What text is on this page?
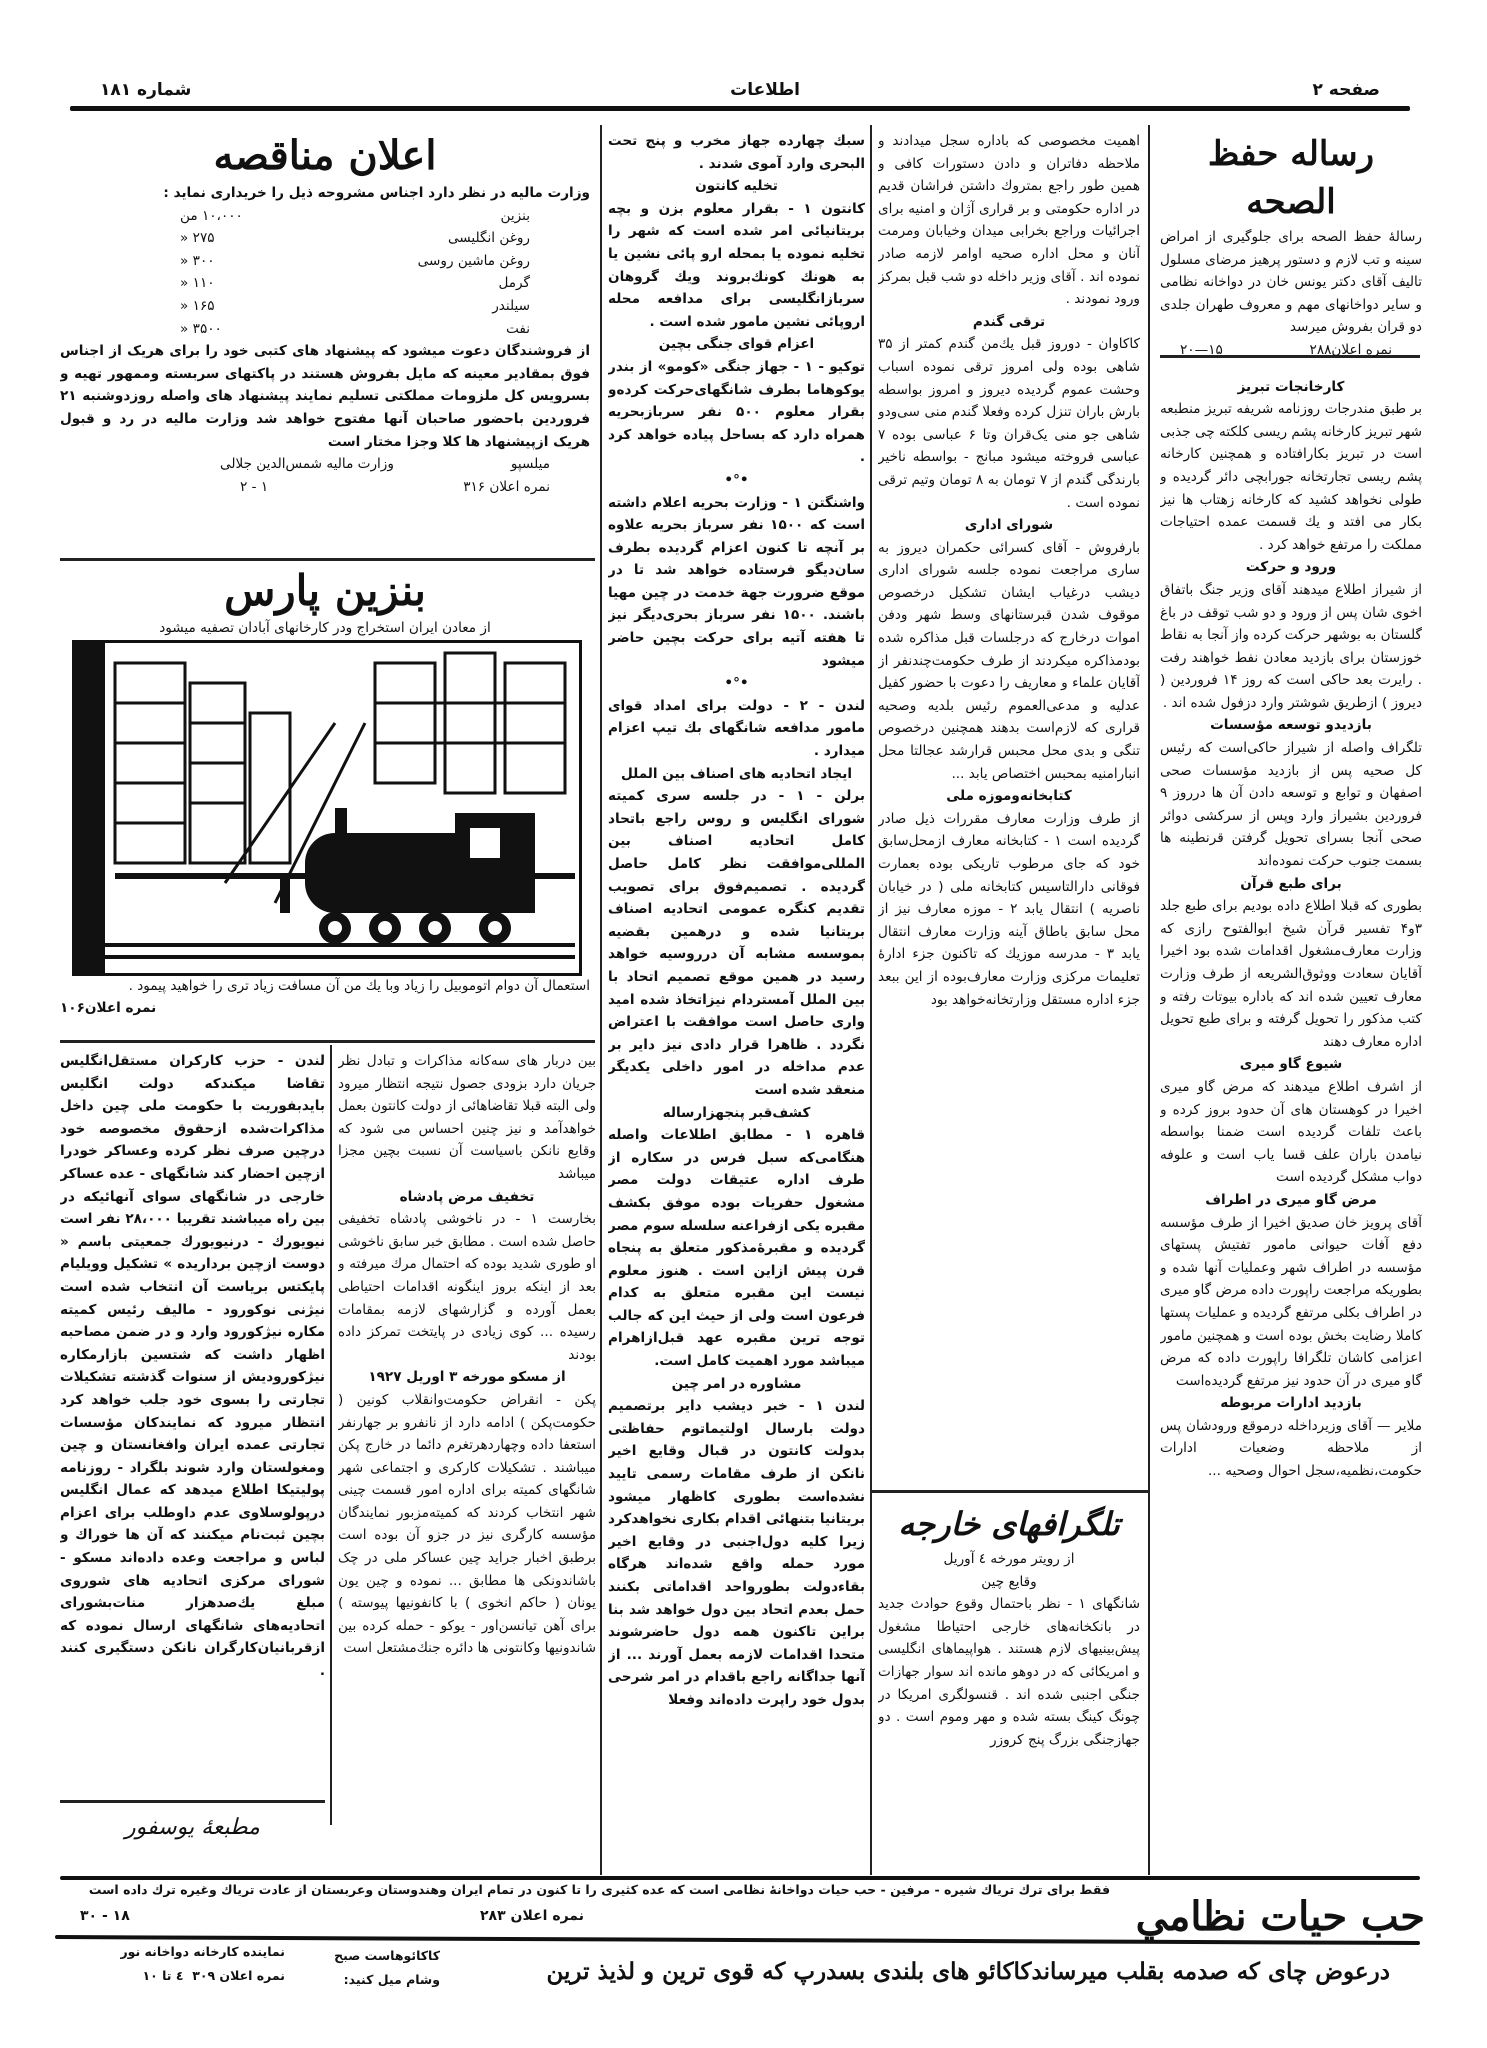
صفحه ۲
اطلاعات
شماره ۱۸۱
اعلان مناقصه

وزارت مالیه در نظر دارد اجناس مشروحه ذیل را خریداری نماید :

بنزین
۱۰،۰۰۰ من
روغن انگلیسی
۲۷۵ «
روغن ماشین روسی
۳۰۰ «
گرمل
۱۱۰ «
سیلندر
۱۶۵ «
نفت
۳۵۰۰ «

از فروشندگان دعوت میشود که پیشنهاد های کتبی خود را برای هریک از اجناس فوق بمقادیر معینه که مایل بفروش هستند در پاکتهای سربسته وممهور تهیه و بسرویس کل ملزومات مملکتی تسلیم نمایند پیشنهاد های واصله روزدوشنبه ۲۱ فروردین باحضور صاحبان آنها مفتوح خواهد شد وزارت مالیه در رد و قبول هریک ازپیشنهاد ها کلا وجزا مختار است

میلسپو
وزارت مالیه شمس‌الدین جلالی
نمره اعلان ۳۱۶
۱ - ۲
بنزین پارس

از معادن ایران استخراج ودر کارخانهای آبادان تصفیه میشود

استعمال آن دوام اتوموبیل را زیاد وبا یك من آن مسافت زیاد تری را خواهید پیمود .

نمره اعلان۱۰۶

لندن - حزب کارکران مستقل‌انگلیس تقاضا میکندکه دولت انگلیس بایدبفوریت با حکومت ملی چین داخل مذاکرات‌شده ازحقوق مخصوصه خود درچین صرف نظر کرده وعساکر خودرا ازچین احضار کند شانگهای - عده عساکر خارجی در شانگهای سوای آنهائیکه در بین راه میباشند تقریبا ۲۸،۰۰۰ نفر است نیویورك - درنیویورك جمعیتی باسم « دوست ازچین برداریده » تشکیل وویلیام پایکتس بریاست آن انتخاب شده است نیژنی نوکورود - مالیف رئیس کمیته مکاره نیژکورود وارد و در ضمن مصاحبه اظهار داشت که شتسین بازارمکاره نیژکورودیش از سنوات گذشته تشکیلات تجارتی را بسوی خود جلب خواهد کرد انتظار میرود که نمایندکان مؤسسات تجارتی عمده ایران وافغانستان و چین ومغولستان وارد شوند بلگراد - روزنامه پولیتیکا اطلاع میدهد که عمال انگلیس درپولوسلاوی عدم داوطلب برای اعزام بچین ثبت‌نام میکنند که آن ها خوراك و لباس و مراجعت وعده داده‌اند مسکو - شورای مرکزی اتحادیه های شوروی مبلغ‌ یك‌صدهزار منات‌بشورای اتحادیه‌های شانگهای ارسال نموده که ازقربانیان‌کارگران نانکن دستگیری کنند .

مطبعهٔ یوسفور

بین دربار های سه‌کانه مذاکرات و تبادل نظر جریان دارد بزودی جصول نتیجه انتظار میرود ولی البته قبلا تقاضاهائی از دولت کانتون بعمل خواهدآمد و نیز چنین احساس می شود که وقایع نانکن باسیاست آن نسبت بچین مجزا میباشد

تخفیف مرض پادشاه

بخارست ۱ - در ناخوشی پادشاه تخفیفی حاصل شده است . مطابق خبر سابق ناخوشی او طوری شدید بوده که احتمال مرك میرفته و بعد از اینکه بروز اینگونه اقدامات احتیاطی بعمل آورده و گزارشهای لازمه بمقامات رسیده ... کوی زیادی در پایتخت تمرکز داده بودند

از مسکو مورخه ۳ اوریل ۱۹۲۷

پکن - انقراض حکومت‌وانقلاب کونین ( حکومت‌پکن ) ادامه دارد از نانفرو بر جهارنفر استعفا داده وچهاردهرتغرم دائما در خارج پکن میباشند . تشکیلات کارکری و اجتماعی شهر شانگهای کمیته برای اداره امور قسمت چینی شهر انتخاب کردند که کمیته‌مزبور نمایندگان مؤسسه کارگری نیز در جزو آن بوده است برطبق اخبار جراید چین عساکر ملی در چک باشاندونکی ها مطابق ... نموده و چین یون یونان ( حاکم انخوی ) با کانفونیها پیوسته ) برای آهن تیانسن‌اور - یوکو - حمله کرده بین شاندونیها وکانتونی ها دائره جنك‌مشتعل است

سبك چهارده جهاز مخرب و پنج تحت البحری وارد آموی شدند .

تخلیه کانتون

کانتون ۱ - بقرار معلوم بزن و بچه بریتانیائی امر شده است که شهر را تخلیه نموده یا بمحله ارو پائی نشین یا به هونك كونك‌بروند ویك گروهان سربازانگلیسی برای مدافعه محله اروپائی نشین مامور شده است .

اعزام قوای جنگی بچین

توکیو - ۱ - جهاز جنگی «کومو» از بندر یوکوهاما بطرف شانگهای‌حرکت کرده‌و بقرار معلوم ۵۰۰ نفر سرباز‌بحریه همراه دارد که بساحل پیاده خواهد کرد .

•°•

واشنگتن ۱ - وزارت بحریه اعلام داشته است که ۱۵۰۰ نفر سرباز بحریه علاوه بر آنچه تا کنون اعزام گردیده بطرف سان‌دیگو فرستاده خواهد شد تا در موقع ضرورت جهة خدمت در چین مهیا باشند. ۱۵۰۰ نفر سرباز بحری‌دیگر نیز تا هفته آتیه برای حرکت بچین حاضر میشود

•°•

لندن - ۲ - دولت برای امداد قوای مامور مدافعه شانگهای بك تیپ اعزام میدارد .

ایجاد اتحادیه های اصناف بین الملل

برلن - ۱ - در جلسه سری کمیته شورای انگلیس و روس راجع باتحاد کامل اتحادیه اصناف بین المللی‌موافقت نظر کامل حاصل گردیده . تصمیم‌فوق برای تصویب تقدیم کنگره عمومی اتحادیه اصناف بریتانیا شده و درهمین بقضیه بموسسه مشابه آن درروسیه خواهد رسید در همین موقع تصمیم اتحاد با بین الملل آمستردام نیزاتخاذ شده امید واری حاصل است موافقت با اعتراض نگردد . ظاهرا قرار دادی نیز دایر بر عدم مداخله در امور داخلی یکدیگر منعقد شده است

کشف‌قبر پنجهزارساله

قاهره ۱ - مطابق اطلاعات واصله هنگامی‌که سبل فرس در سکاره از طرف اداره عتیقات دولت مصر مشغول حفریات بوده موفق بکشف مقبره یکی ازفراعنه سلسله سوم مصر گردیده و مقبرهٔ‌مذکور متعلق به پنجاه قرن پیش ازاین است . هنوز معلوم نیست این مقبره متعلق به کدام فرعون است ولی از حیث این که جالب توجه ترین مقبره عهد قبل‌ازاهرام میباشد مورد اهمیت کامل است.

مشاوره در امر چین

لندن ۱ - خبر دیشب دایر برتصمیم دولت بارسال اولتیماتوم حفاظتی بدولت کانتون در قبال وقایع اخیر نانکن از طرف مقامات رسمی تایید نشده‌است بطوری کاظهار میشود بریتانیا بتنهائی اقدام بکاری نخواهدکرد زیرا کلیه دول‌اجنبی در وقایع اخیر مورد حمله واقع شده‌اند هرگاه بقاءدولت بطورواحد اقداماتی بکنند حمل بعدم اتحاد بین دول خواهد شد بنا براین تاکنون همه دول حاضرشوند متحدا اقدامات لازمه بعمل آورند ... از آنها جداگانه راجع باقدام در امر شرحی بدول خود راپرت داده‌اند وفعلا

اهمیت مخصوصی که باداره سجل میدادند و ملاحظه دفاتران و دادن دستورات کافی و همین طور راجع بمتروك داشتن فراشان قدیم در اداره حکومتی و بر قراری آژان و امنیه برای اجرائیات وراجع بخرابی میدان وخیابان ومرمت آنان و محل اداره صحیه اوامر لازمه صادر نموده اند . آقای وزیر داخله دو شب قبل بمرکز ورود نمودند .

ترقی گندم

کاکاوان - دوروز قبل یك‌من گندم کمتر از ۳۵ شاهی بوده ولی امروز ترقی نموده اسباب وحشت عموم گردیده دیروز و امروز بواسطه بارش باران تنزل کرده وفعلا گندم منی سی‌ودو شاهی جو منی یک‌قران وتا ۶ عباسی بوده ۷ عباسی فروخته میشود مبانج - بواسطه ناخیر بارندگی گندم از ۷ تومان به ۸ تومان وتیم ترقی نموده است .

شورای اداری

بارفروش - آقای کسرائی حکمران دیروز به ساری مراجعت نموده جلسه شورای اداری دیشب درغیاب ایشان تشکیل درخصوص موقوف شدن قبرستانهای وسط شهر ودفن اموات درخارج که درجلسات قبل مذاکره شده بودمذاکره میکردند از طرف حکومت‌چندنفر از آقایان علماء و معاریف را دعوت با حضور کفیل عدلیه و مدعی‌العموم رئیس بلدیه وصحیه قراری که لازم‌است بدهند همچنین درخصوص تنگی و بدی محل محبس قرارشد عجالتا محل انبارامنیه بمحبس اختصاص یابد ...

کتابخانه‌وموزه ملی

از طرف وزارت معارف مقررات ذیل صادر گردیده است ۱ - کتابخانه معارف ازمحل‌سابق خود که جای مرطوب تاریکی بوده بعمارت فوقانی دارالتاسیس کتابخانه ملی ( در خیابان ناصریه ) انتقال یابد ۲ - موزه معارف نیز از محل سابق باطاق آینه وزارت معارف انتقال یابد ۳ - مدرسه موزیك که تاکنون جزء ادارهٔ تعلیمات مرکزی وزارت معارف‌بوده از این ببعد جزء اداره مستقل وزارتخانه‌خواهد بود

تلگرافهای خارجه

از رویتر مورخه ٤ آوریل

وقایع چین

شانگهای ۱ - نظر باحتمال وقوع حوادث جدید در بانکخانه‌های خارجی احتیاطا مشغول پیش‌بینیهای لازم هستند . هواپیماهای انگلیسی و امریکائی که در دوهو مانده اند سوار جهازات جنگی اجنبی شده اند . قنسولگری امریکا در چونگ کینگ بسته شده و مهر وموم است . دو جهازجنگی بزرگ پنج کروزر

رساله حفظ الصحه

رسالهٔ حفظ الصحه برای جلوگیری از امراض سینه و تب لازم و دستور پرهیز مرضای مسلول تالیف آقای دکتر یونس خان در دواخانه نظامی و سایر دواخانهای مهم و معروف طهران جلدی دو قران بفروش میرسد

نمره اعلان۲۸۸
۱۵—۲۰

کارخانجات تبریز

بر طبق مندرجات روزنامه شریفه تبریز منطبعه شهر تبریز کارخانه پشم ریسی کلکته چی جذبی است در تبریز بکارافتاده و همچنین کارخانه پشم ریسی تجارتخانه جورابچی دائر گردیده و طولی نخواهد کشید که کارخانه زهتاب ها نیز بکار می افتد و یك قسمت عمده احتیاجات مملکت را مرتفع خواهد کرد .

ورود و حرکت

از شیراز اطلاع میدهند آقای وزیر جنگ باتفاق اخوی شان پس از ورود و دو شب توقف در باغ گلستان به بوشهر حرکت کرده واز آنجا به نقاط خوزستان برای بازدید معادن نفط خواهند رفت . رایرت بعد حاکی است که روز ۱۴ فروردین ( دیروز ) ازطریق شوشتر وارد دزفول شده اند .

بازدیدو توسعه مؤسسات

تلگراف واصله از شیراز حاکی‌است که رئیس کل صحیه پس از بازدید مؤسسات صحی اصفهان و توابع و توسعه دادن آن ها درروز ۹ فروردین بشیراز وارد وپس از سرکشی دوائر صحی آنجا بسرای تحویل گرفتن قرنطینه ها بسمت جنوب حرکت نموده‌اند

برای طبع قرآن

بطوری که قبلا اطلاع داده بودیم برای طبع جلد ۳و۴ تفسیر قرآن شیخ ابوالفتوح رازی که وزارت معارف‌مشغول اقدامات شده بود اخیرا آقایان سعادت ووثوق‌الشریعه از طرف وزارت معارف تعیین شده اند که باداره بیوتات رفته و کتب مذکور را تحویل گرفته و برای طبع تحویل اداره معارف دهند

شیوع گاو میری

از اشرف اطلاع میدهند که مرض گاو میری اخیرا در کوهستان های آن حدود بروز کرده و باعث تلفات گردیده است ضمنا بواسطه نیامدن باران علف قسا یاب است و علوفه دواب مشکل گردیده است

مرض گاو میری در اطراف

آقای پرویز خان صدیق اخیرا از طرف مؤسسه دفع آفات حیوانی مامور تفتیش پستهای مؤسسه در اطراف شهر وعملیات آنها شده و بطوریکه مراجعت راپورت داده مرض گاو میری در اطراف بکلی مرتفع گردیده و عملیات پستها کاملا رضایت بخش بوده است و همچنین مامور اعزامی کاشان تلگرافا راپورت داده که مرض گاو میری در آن حدود نیز مرتفع گردیده‌است

بازدید ادارات مربوطه

ملایر — آقای وزیرداخله درموقع ورودشان پس از ملاحظه وضعیات ادارات حکومت،نظمیه،سجل احوال وصحیه ...

فقط برای ترك تریاك شیره - مرفین - حب حیات دواخانهٔ نظامی است که عده کثیری را تا کنون در تمام ایران وهندوستان وعربستان از عادت تریاك وغیره ترك داده است
حب حیات نظامي
نمره اعلان ۲۸۳
۱۸ - ۳۰
درعوض چای که صدمه بقلب میرساندکاکائو های بلندی بسدرپ که قوی ترین و لذیذ ترین
کاکائوهاست صبح وشام میل کنید:
نماینده کارخانه دواخانه نور
نمره اعلان ۳۰۹  ٤ تا ۱۰
